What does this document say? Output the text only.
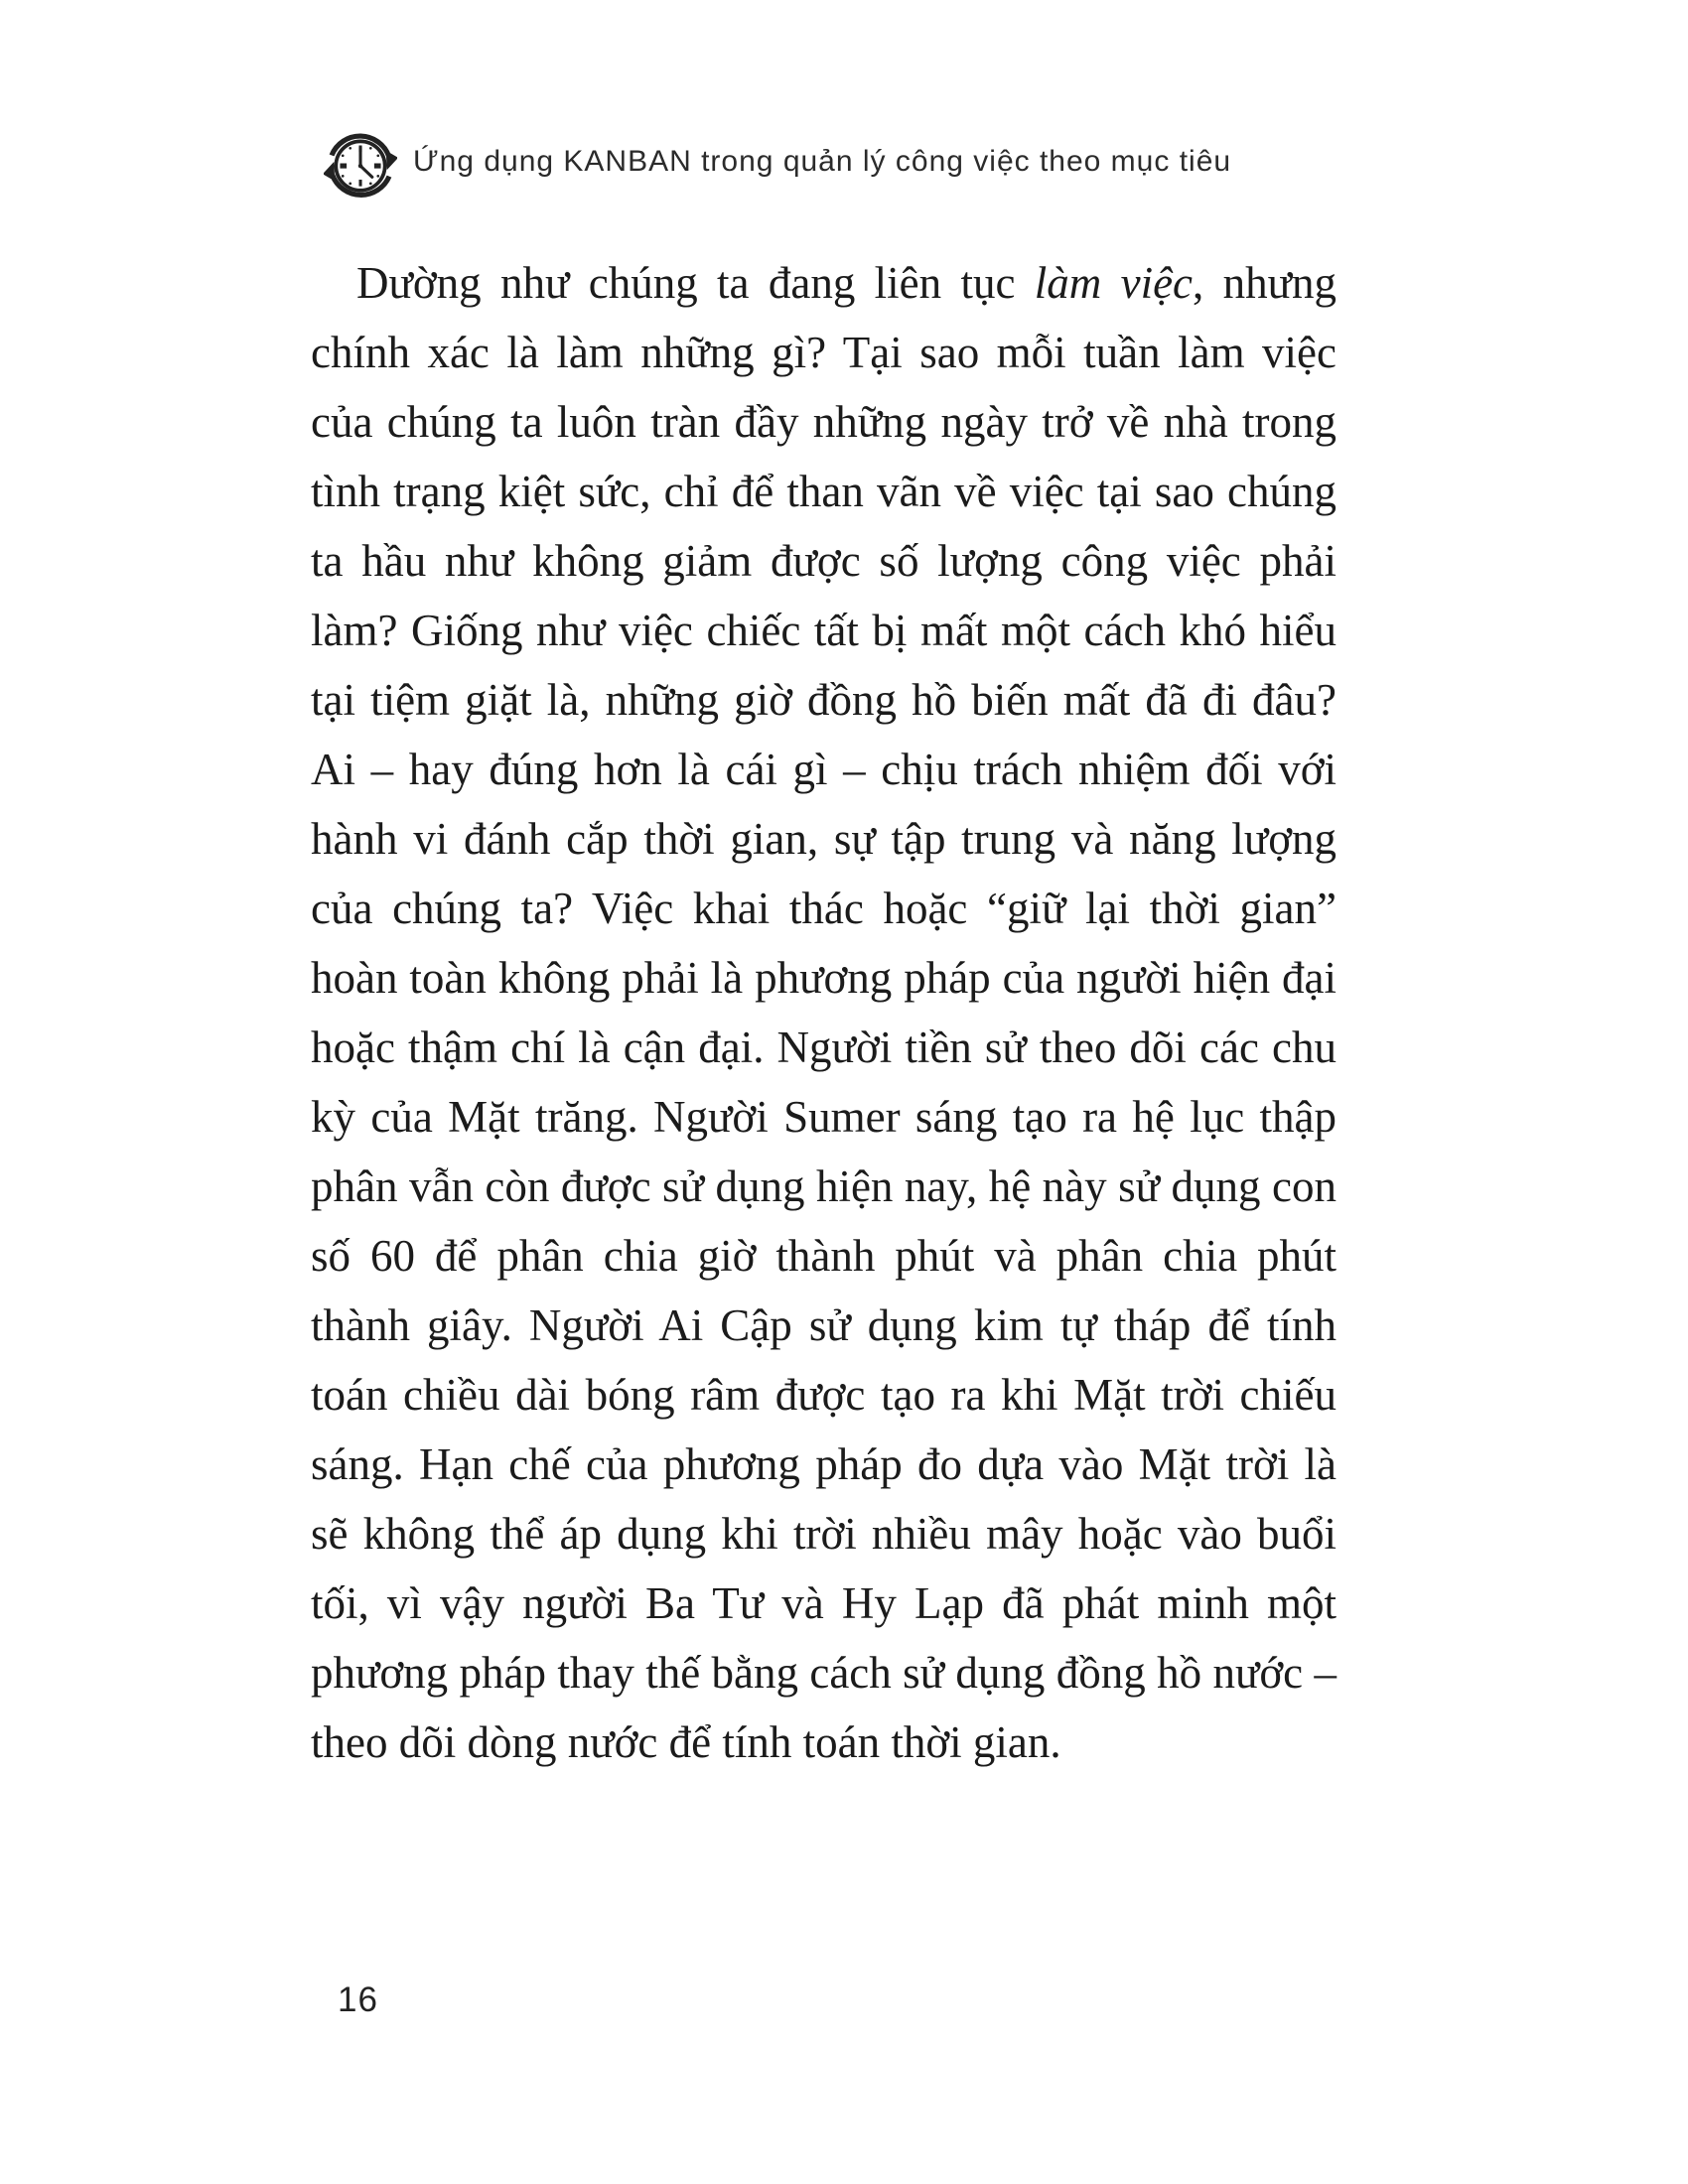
Ứng dụng KANBAN trong quản lý công việc theo mục tiêu

Dường như chúng ta đang liên tục làm việc, nhưng chính xác là làm những gì? Tại sao mỗi tuần làm việc của chúng ta luôn tràn đầy những ngày trở về nhà trong tình trạng kiệt sức, chỉ để than vãn về việc tại sao chúng ta hầu như không giảm được số lượng công việc phải làm? Giống như việc chiếc tất bị mất một cách khó hiểu tại tiệm giặt là, những giờ đồng hồ biến mất đã đi đâu? Ai – hay đúng hơn là cái gì – chịu trách nhiệm đối với hành vi đánh cắp thời gian, sự tập trung và năng lượng của chúng ta? Việc khai thác hoặc “giữ lại thời gian” hoàn toàn không phải là phương pháp của người hiện đại hoặc thậm chí là cận đại. Người tiền sử theo dõi các chu kỳ của Mặt trăng. Người Sumer sáng tạo ra hệ lục thập phân vẫn còn được sử dụng hiện nay, hệ này sử dụng con số 60 để phân chia giờ thành phút và phân chia phút thành giây. Người Ai Cập sử dụng kim tự tháp để tính toán chiều dài bóng râm được tạo ra khi Mặt trời chiếu sáng. Hạn chế của phương pháp đo dựa vào Mặt trời là sẽ không thể áp dụng khi trời nhiều mây hoặc vào buổi tối, vì vậy người Ba Tư và Hy Lạp đã phát minh một phương pháp thay thế bằng cách sử dụng đồng hồ nước – theo dõi dòng nước để tính toán thời gian.

16
